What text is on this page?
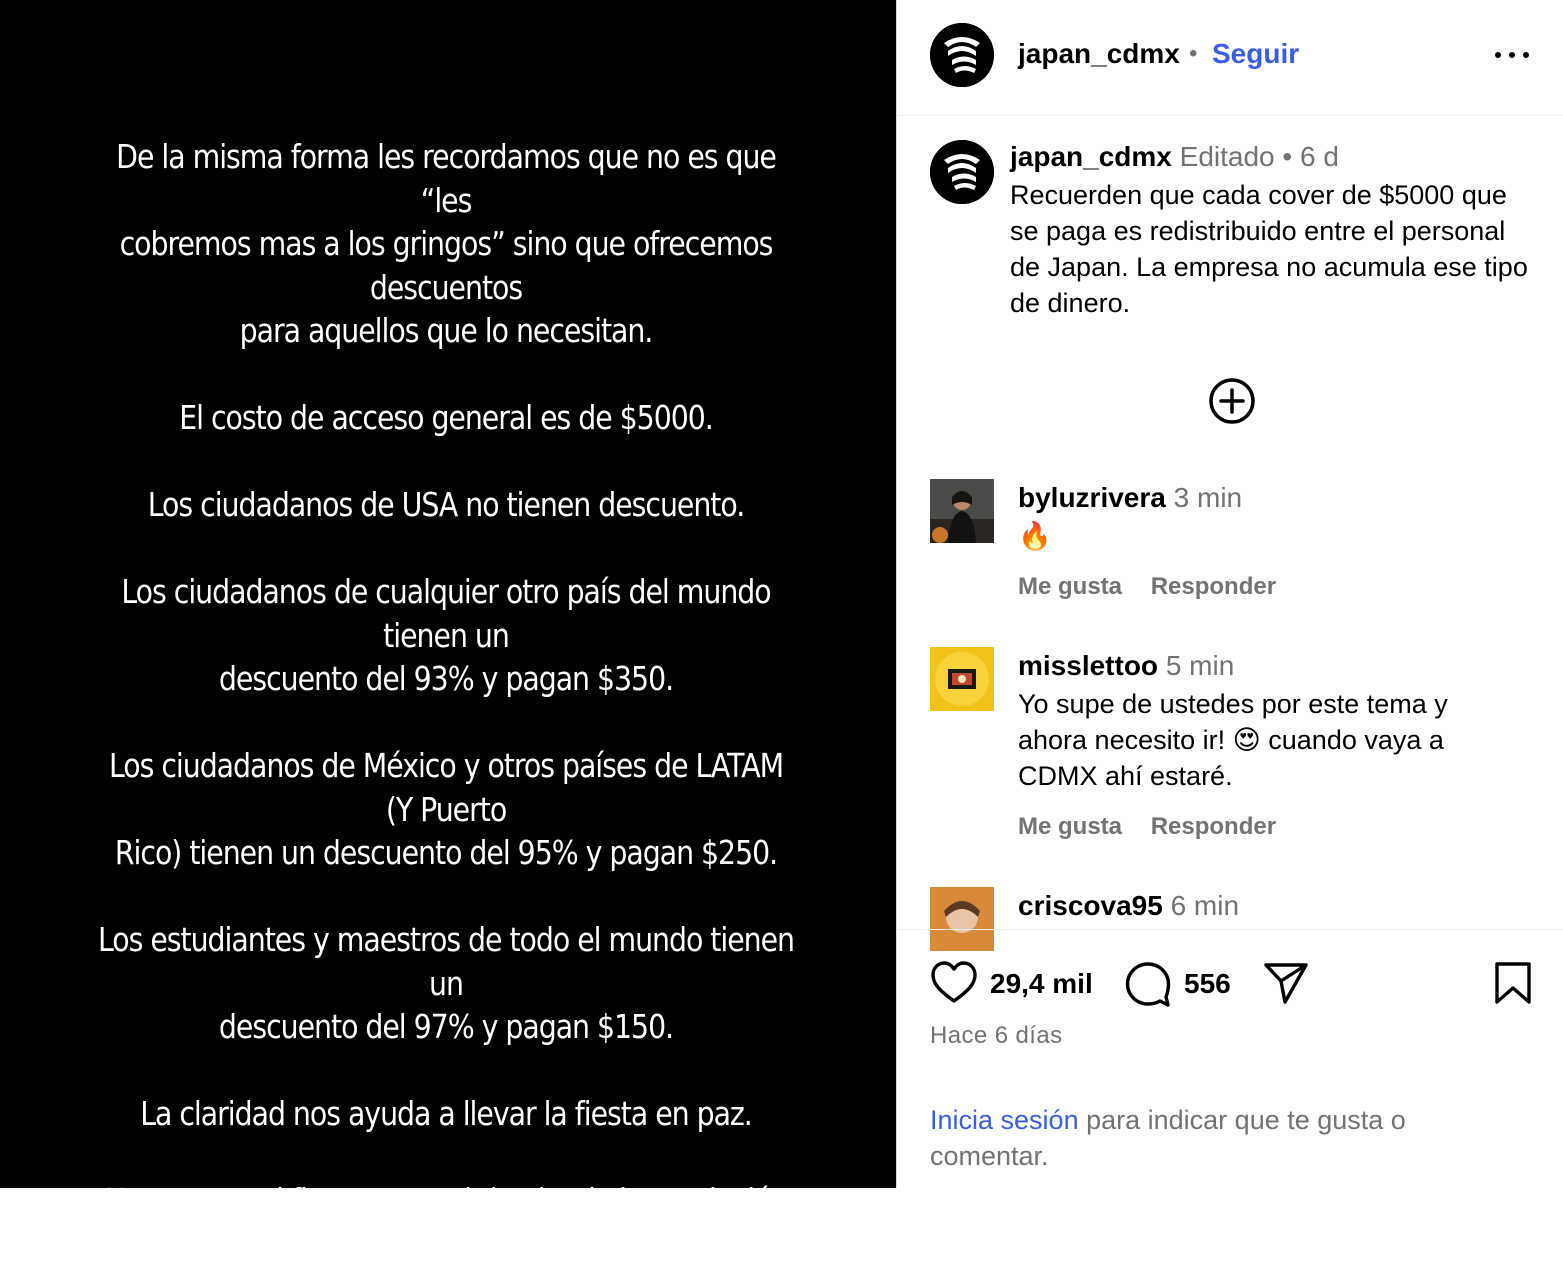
De la misma forma les recordamos que no es que “les
cobremos mas a los gringos” sino que ofrecemos descuentos
para aquellos que lo necesitan.

El costo de acceso general es de $5000.

Los ciudadanos de USA no tienen descuento.

Los ciudadanos de cualquier otro país del mundo tienen un
descuento del 93% y pagan $350.

Los ciudadanos de México y otros países de LATAM (Y Puerto
Rico) tienen un descuento del 95% y pagan $250.

Los estudiantes y maestros de todo el mundo tienen un
descuento del 97% y pagan $150.

La claridad nos ayuda a llevar la fiesta en paz.

Nos vemos el fin para seguir haciendo la revolución normal.

japan_cdmx • Seguir
japan_cdmx Editado • 6 d
Recuerden que cada cover de $5000 que se paga es redistribuido entre el personal de Japan. La empresa no acumula ese tipo de dinero.
byluzrivera 3 min
🔥
Me gusta Responder
misslettoo 5 min
Yo supe de ustedes por este tema y ahora necesito ir! 😍 cuando vaya a CDMX ahí estaré.
Me gusta Responder
criscova95 6 min
29,4 mil	556
Hace 6 días
Inicia sesión para indicar que te gusta o comentar.
